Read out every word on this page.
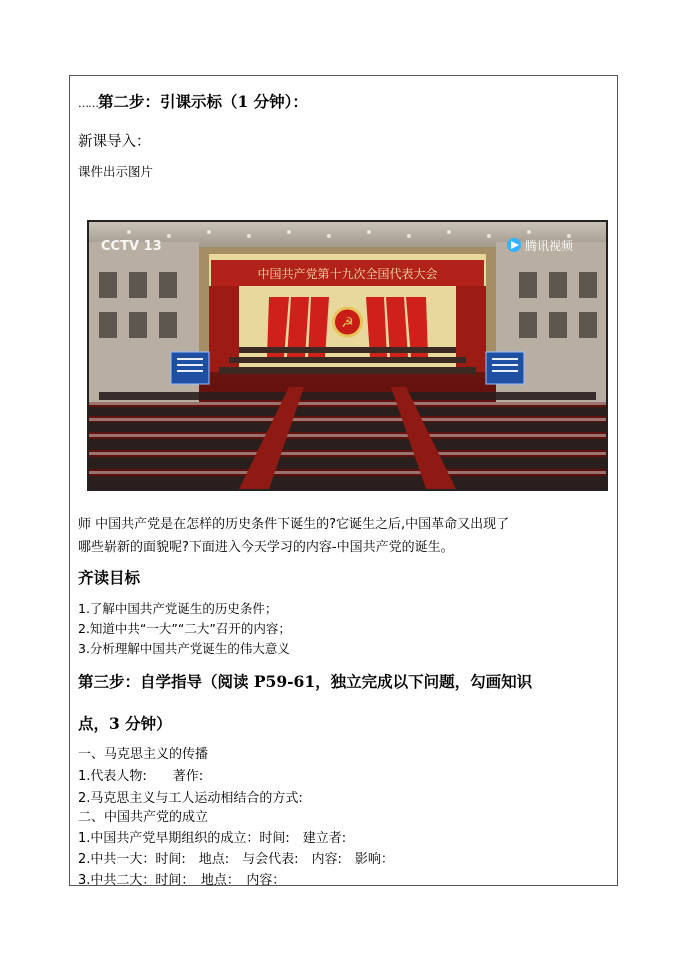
……第二步：引课示标（1 分钟）：
新课导入：
课件出示图片
中国共产党第十九次全国代表大会
☭
CCTV 13	腾讯视频
师 中国共产党是在怎样的历史条件下诞生的?它诞生之后,中国革命又出现了
哪些崭新的面貌呢?下面进入今天学习的内容-中国共产党的诞生。
齐读目标
1.了解中国共产党诞生的历史条件；
2.知道中共“一大”“二大”召开的内容；
3.分析理解中国共产党诞生的伟大意义
第三步：自学指导（阅读 P59-61，独立完成以下问题，勾画知识
点，3 分钟）
一、马克思主义的传播
1.代表人物:　　著作:
2.马克思主义与工人运动相结合的方式:
二、中国共产党的成立
1.中国共产党早期组织的成立：时间:　建立者:
2.中共一大：时间:　地点:　与会代表:　内容:　影响：
3.中共二大：时间：　地点：　内容：
